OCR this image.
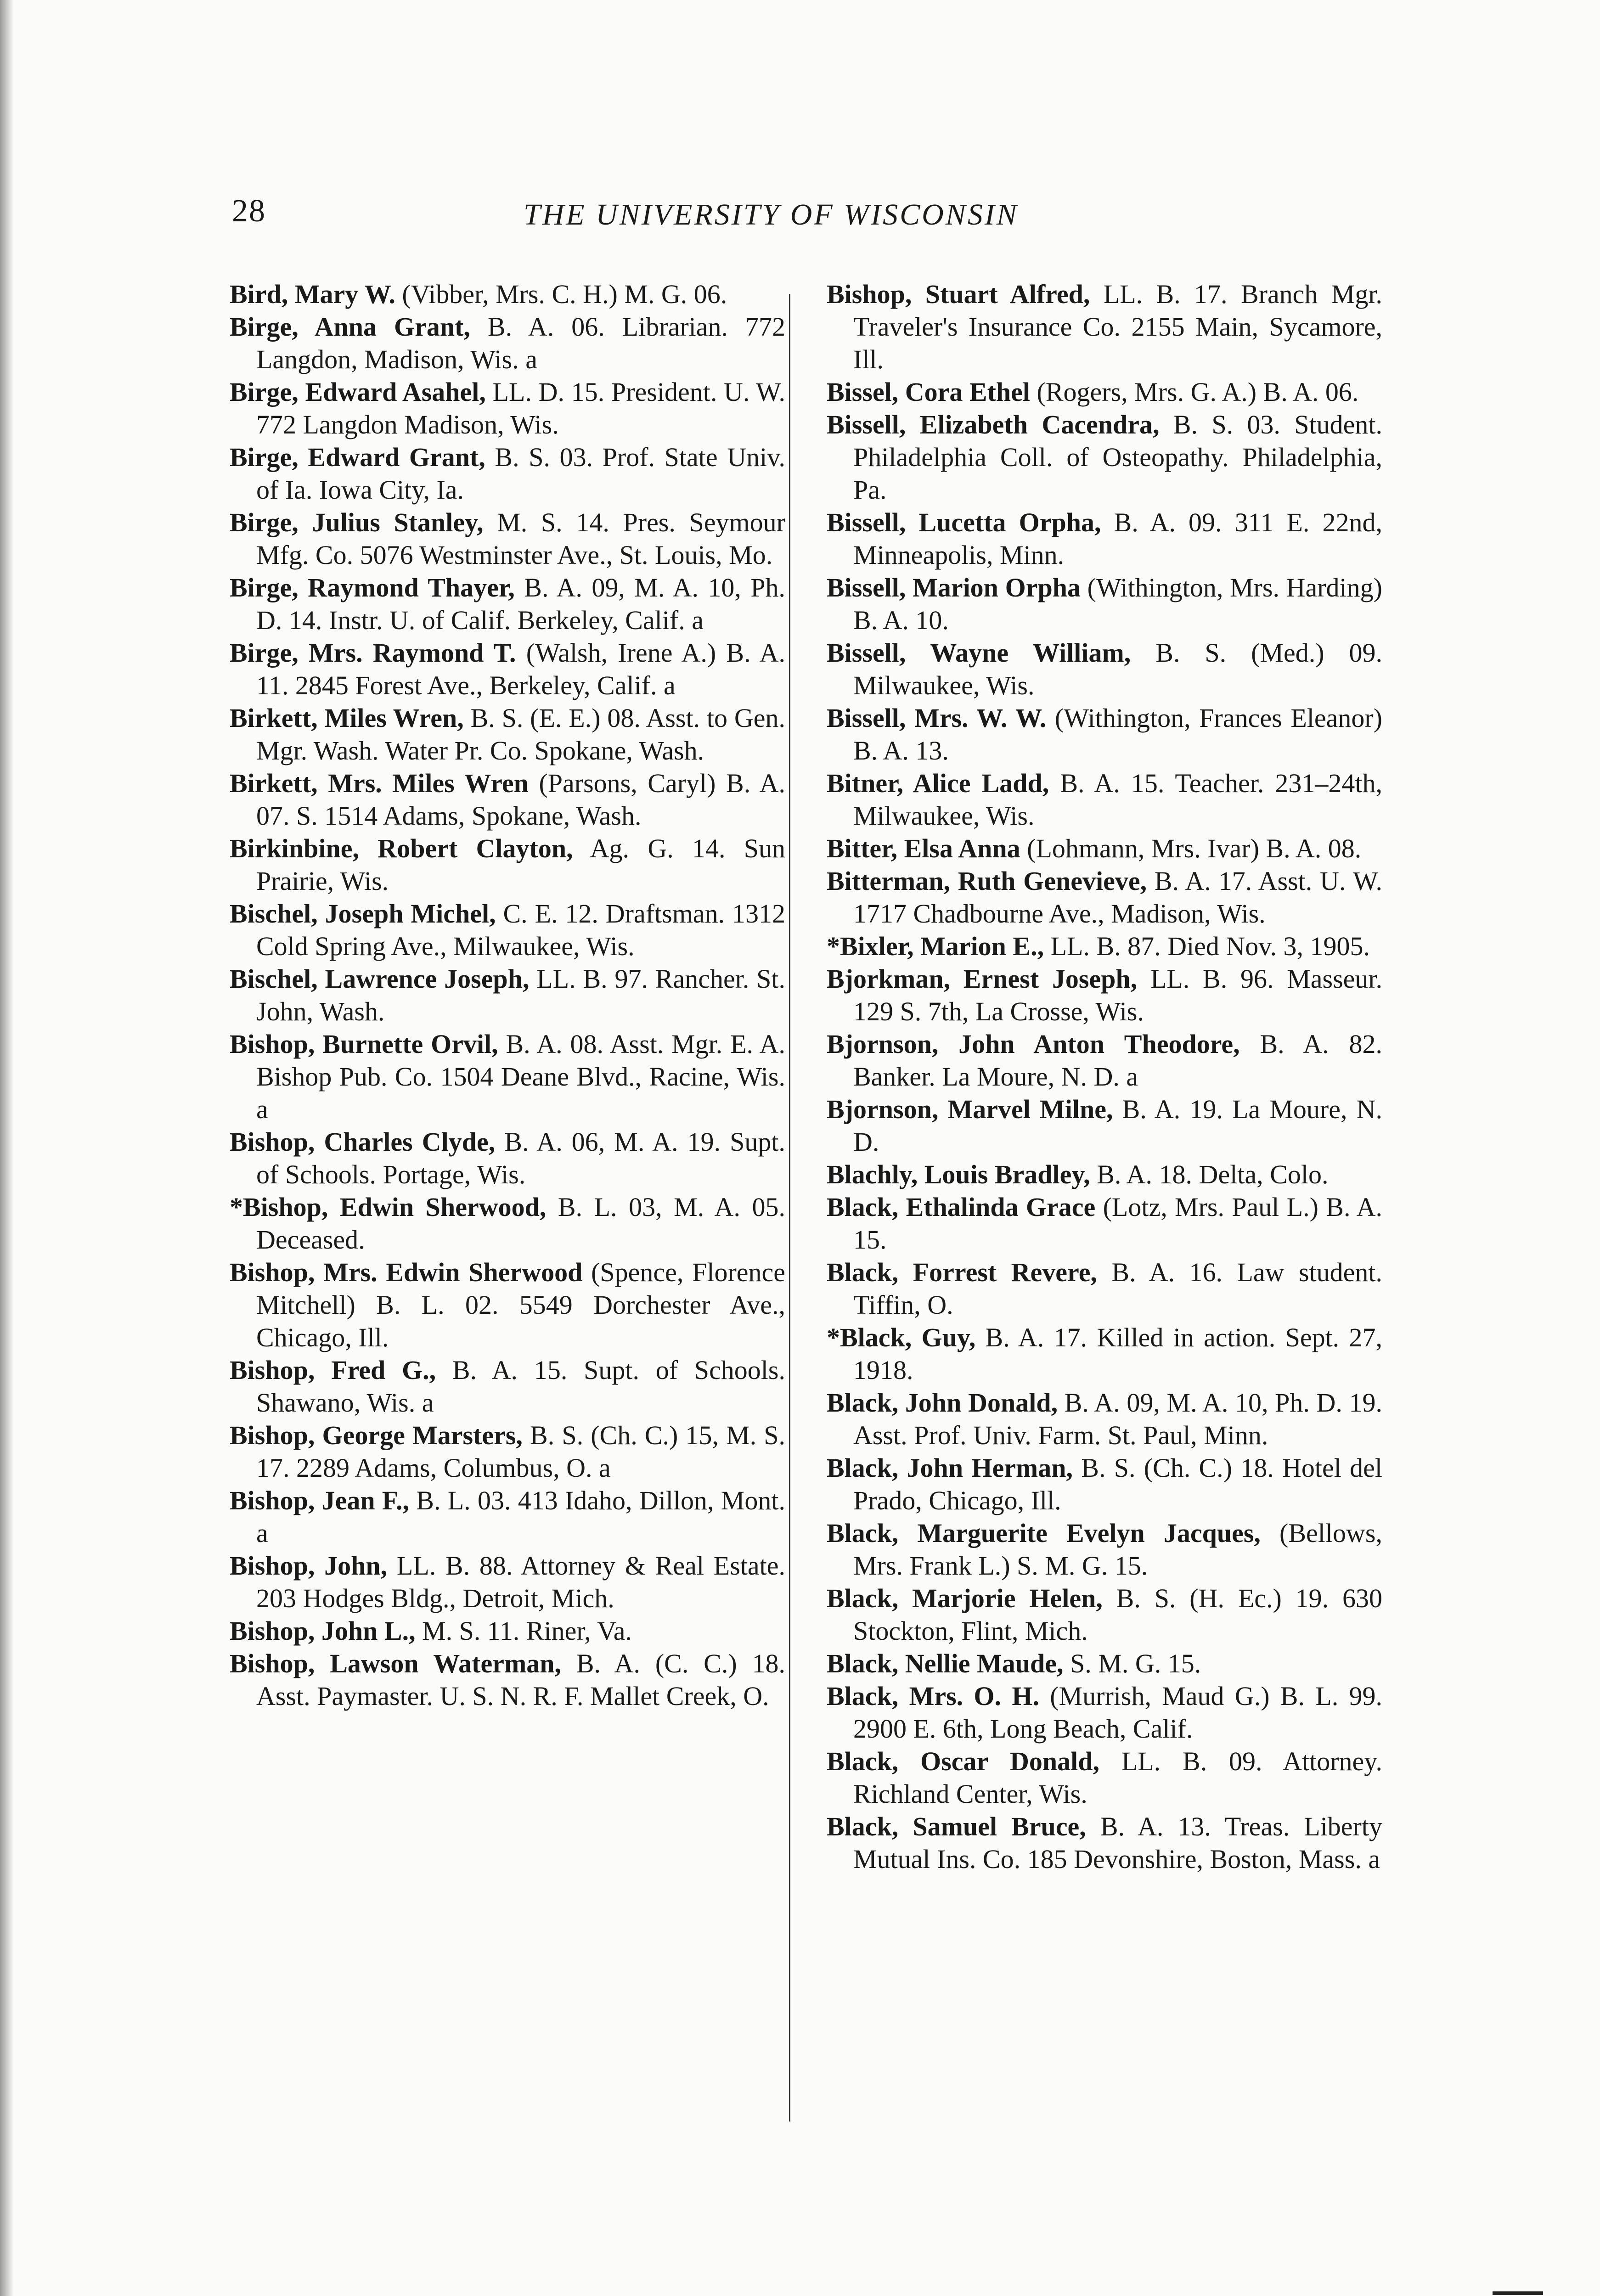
28	THE UNIVERSITY OF WISCONSIN

Bird, Mary W. (Vibber, Mrs. C. H.) M. G. 06.

Birge, Anna Grant, B. A. 06. Librarian. 772 Langdon, Madison, Wis. a

Birge, Edward Asahel, LL. D. 15. President. U. W. 772 Langdon Madison, Wis.

Birge, Edward Grant, B. S. 03. Prof. State Univ. of Ia. Iowa City, Ia.

Birge, Julius Stanley, M. S. 14. Pres. Seymour Mfg. Co. 5076 Westminster Ave., St. Louis, Mo.

Birge, Raymond Thayer, B. A. 09, M. A. 10, Ph. D. 14. Instr. U. of Calif. Berkeley, Calif. a

Birge, Mrs. Raymond T. (Walsh, Irene A.) B. A. 11. 2845 Forest Ave., Berkeley, Calif. a

Birkett, Miles Wren, B. S. (E. E.) 08. Asst. to Gen. Mgr. Wash. Water Pr. Co. Spokane, Wash.

Birkett, Mrs. Miles Wren (Parsons, Caryl) B. A. 07. S. 1514 Adams, Spokane, Wash.

Birkinbine, Robert Clayton, Ag. G. 14. Sun Prairie, Wis.

Bischel, Joseph Michel, C. E. 12. Draftsman. 1312 Cold Spring Ave., Milwaukee, Wis.

Bischel, Lawrence Joseph, LL. B. 97. Rancher. St. John, Wash.

Bishop, Burnette Orvil, B. A. 08. Asst. Mgr. E. A. Bishop Pub. Co. 1504 Deane Blvd., Racine, Wis. a

Bishop, Charles Clyde, B. A. 06, M. A. 19. Supt. of Schools. Portage, Wis.

*Bishop, Edwin Sherwood, B. L. 03, M. A. 05. Deceased.

Bishop, Mrs. Edwin Sherwood (Spence, Florence Mitchell) B. L. 02. 5549 Dorchester Ave., Chicago, Ill.

Bishop, Fred G., B. A. 15. Supt. of Schools. Shawano, Wis. a

Bishop, George Marsters, B. S. (Ch. C.) 15, M. S. 17. 2289 Adams, Columbus, O. a

Bishop, Jean F., B. L. 03. 413 Idaho, Dillon, Mont. a

Bishop, John, LL. B. 88. Attorney & Real Estate. 203 Hodges Bldg., Detroit, Mich.

Bishop, John L., M. S. 11. Riner, Va.

Bishop, Lawson Waterman, B. A. (C. C.) 18. Asst. Paymaster. U. S. N. R. F. Mallet Creek, O.

Bishop, Stuart Alfred, LL. B. 17. Branch Mgr. Traveler's Insurance Co. 2155 Main, Sycamore, Ill.

Bissel, Cora Ethel (Rogers, Mrs. G. A.) B. A. 06.

Bissell, Elizabeth Cacendra, B. S. 03. Student. Philadelphia Coll. of Osteopathy. Philadelphia, Pa.

Bissell, Lucetta Orpha, B. A. 09. 311 E. 22nd, Minneapolis, Minn.

Bissell, Marion Orpha (Withington, Mrs. Harding) B. A. 10.

Bissell, Wayne William, B. S. (Med.) 09. Milwaukee, Wis.

Bissell, Mrs. W. W. (Withington, Frances Eleanor) B. A. 13.

Bitner, Alice Ladd, B. A. 15. Teacher. 231–24th, Milwaukee, Wis.

Bitter, Elsa Anna (Lohmann, Mrs. Ivar) B. A. 08.

Bitterman, Ruth Genevieve, B. A. 17. Asst. U. W. 1717 Chadbourne Ave., Madison, Wis.

*Bixler, Marion E., LL. B. 87. Died Nov. 3, 1905.

Bjorkman, Ernest Joseph, LL. B. 96. Masseur. 129 S. 7th, La Crosse, Wis.

Bjornson, John Anton Theodore, B. A. 82. Banker. La Moure, N. D. a

Bjornson, Marvel Milne, B. A. 19. La Moure, N. D.

Blachly, Louis Bradley, B. A. 18. Delta, Colo.

Black, Ethalinda Grace (Lotz, Mrs. Paul L.) B. A. 15.

Black, Forrest Revere, B. A. 16. Law student. Tiffin, O.

*Black, Guy, B. A. 17. Killed in action. Sept. 27, 1918.

Black, John Donald, B. A. 09, M. A. 10, Ph. D. 19. Asst. Prof. Univ. Farm. St. Paul, Minn.

Black, John Herman, B. S. (Ch. C.) 18. Hotel del Prado, Chicago, Ill.

Black, Marguerite Evelyn Jacques, (Bellows, Mrs. Frank L.) S. M. G. 15.

Black, Marjorie Helen, B. S. (H. Ec.) 19. 630 Stockton, Flint, Mich.

Black, Nellie Maude, S. M. G. 15.

Black, Mrs. O. H. (Murrish, Maud G.) B. L. 99. 2900 E. 6th, Long Beach, Calif.

Black, Oscar Donald, LL. B. 09. Attorney. Richland Center, Wis.

Black, Samuel Bruce, B. A. 13. Treas. Liberty Mutual Ins. Co. 185 Devonshire, Boston, Mass. a
